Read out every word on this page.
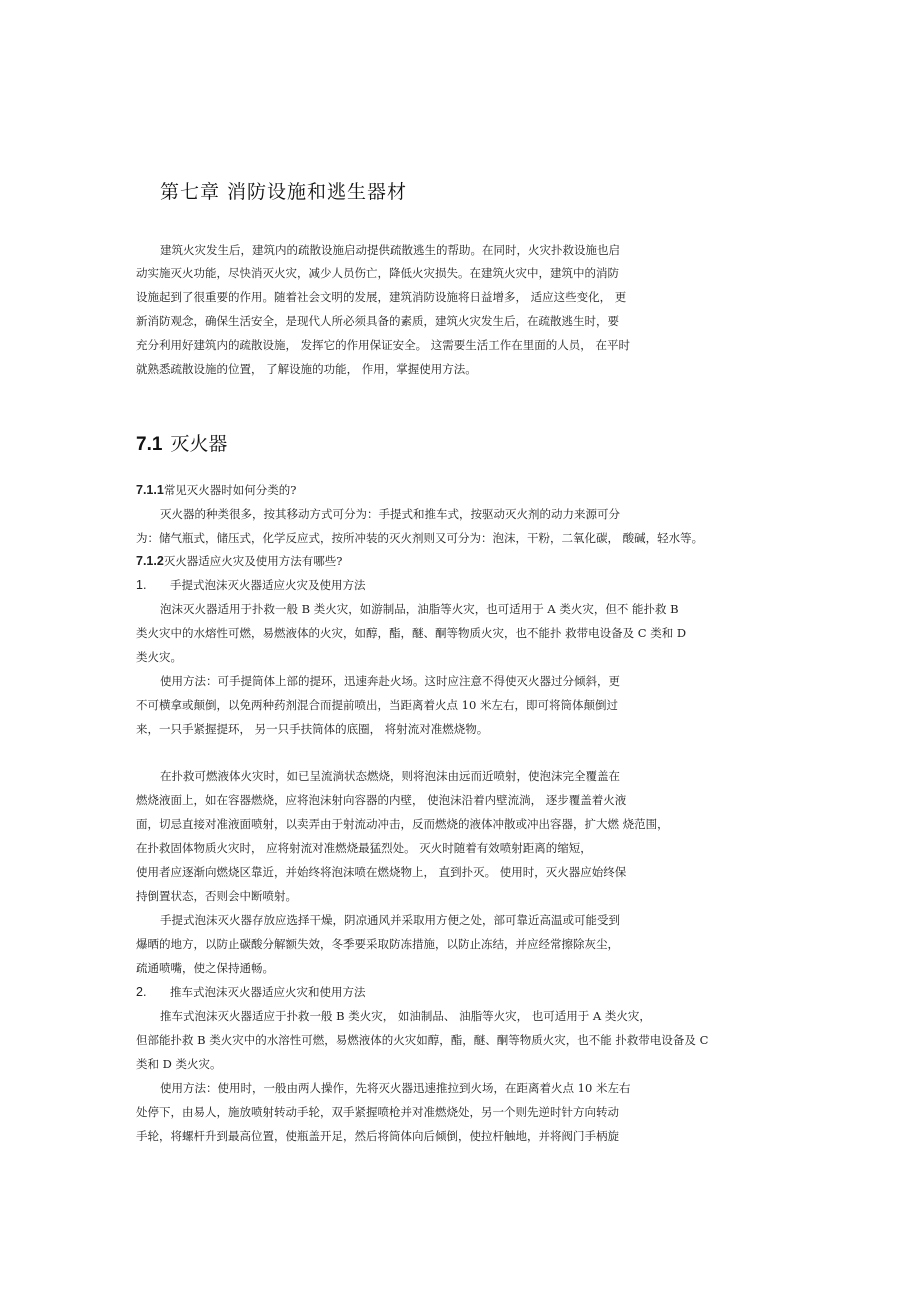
第七章 消防设施和逃生器材
建筑火灾发生后，建筑内的疏散设施启动提供疏散逃生的帮助。在同时，火灾扑救设施也启
动实施灭火功能，尽快消灭火灾，减少人员伤亡，降低火灾损失。在建筑火灾中，建筑中的消防
设施起到了很重要的作用。随着社会文明的发展，建筑消防设施将日益增多， 适应这些变化， 更
新消防观念，确保生活安全，是现代人所必须具备的素质，建筑火灾发生后，在疏散逃生时，要
充分利用好建筑内的疏散设施， 发挥它的作用保证安全。 这需要生活工作在里面的人员， 在平时
就熟悉疏散设施的位置， 了解设施的功能， 作用，掌握使用方法。
7.1 灭火器
7.1.1常见灭火器时如何分类的?
灭火器的种类很多，按其移动方式可分为：手提式和推车式，按驱动灭火剂的动力来源可分
为：储气瓶式，储压式，化学反应式，按所冲装的灭火剂则又可分为：泡沫，干粉，二氧化碳， 酸碱，轻水等。
7.1.2灭火器适应火灾及使用方法有哪些?
1. 手提式泡沫灭火器适应火灾及使用方法
泡沫灭火器适用于扑救一般 B 类火灾，如游制品，油脂等火灾，也可适用于 A 类火灾，但不 能扑救 B
类火灾中的水熔性可燃，易燃液体的火灾，如醇，酯，醚、酮等物质火灾，也不能扑 救带电设备及 C 类和 D
类火灾。
使用方法：可手提筒体上部的提环，迅速奔赴火场。这时应注意不得使灭火器过分倾斜，更
不可横拿或颠倒，以免两种药剂混合而提前喷出，当距离着火点 10 米左右，即可将筒体颠倒过
来，一只手紧握提环， 另一只手扶筒体的底圈， 将射流对准燃烧物。
在扑救可燃液体火灾时，如已呈流淌状态燃烧，则将泡沫由远而近喷射，使泡沫完全覆盖在
燃烧液面上，如在容器燃烧，应将泡沫射向容器的内壁， 使泡沫沿着内壁流淌， 逐步覆盖着火液
面，切忌直接对准液面喷射，以卖弄由于射流动冲击，反而燃烧的液体冲散或冲出容器，扩大燃 烧范围，
在扑救固体物质火灾时， 应将射流对准燃烧最猛烈处。 灭火时随着有效喷射距离的缩短，
使用者应逐渐向燃烧区靠近，并始终将泡沫喷在燃烧物上， 直到扑灭。 使用时，灭火器应始终保
持倒置状态，否则会中断喷射。
手提式泡沫灭火器存放应选择干燥，阴凉通风并采取用方便之处，部可靠近高温或可能受到
爆晒的地方，以防止碳酸分解额失效，冬季要采取防冻措施，以防止冻结，并应经常擦除灰尘，
疏通喷嘴，使之保持通畅。
2. 推车式泡沫灭火器适应火灾和使用方法
推车式泡沫灭火器适应于扑救一般 B 类火灾， 如油制品、 油脂等火灾， 也可适用于 A 类火灾，
但部能扑救 B 类火灾中的水溶性可燃，易燃液体的火灾如醇，酯，醚、酮等物质火灾，也不能 扑救带电设备及 C
类和 D 类火灾。
使用方法：使用时，一般由两人操作，先将灭火器迅速推拉到火场，在距离着火点 10 米左右
处停下，由易人，施放喷射转动手轮，双手紧握喷枪并对准燃烧处，另一个则先逆时针方向转动
手轮，将螺杆升到最高位置，使瓶盖开足，然后将筒体向后倾倒，使拉杆触地，并将阀门手柄旋
